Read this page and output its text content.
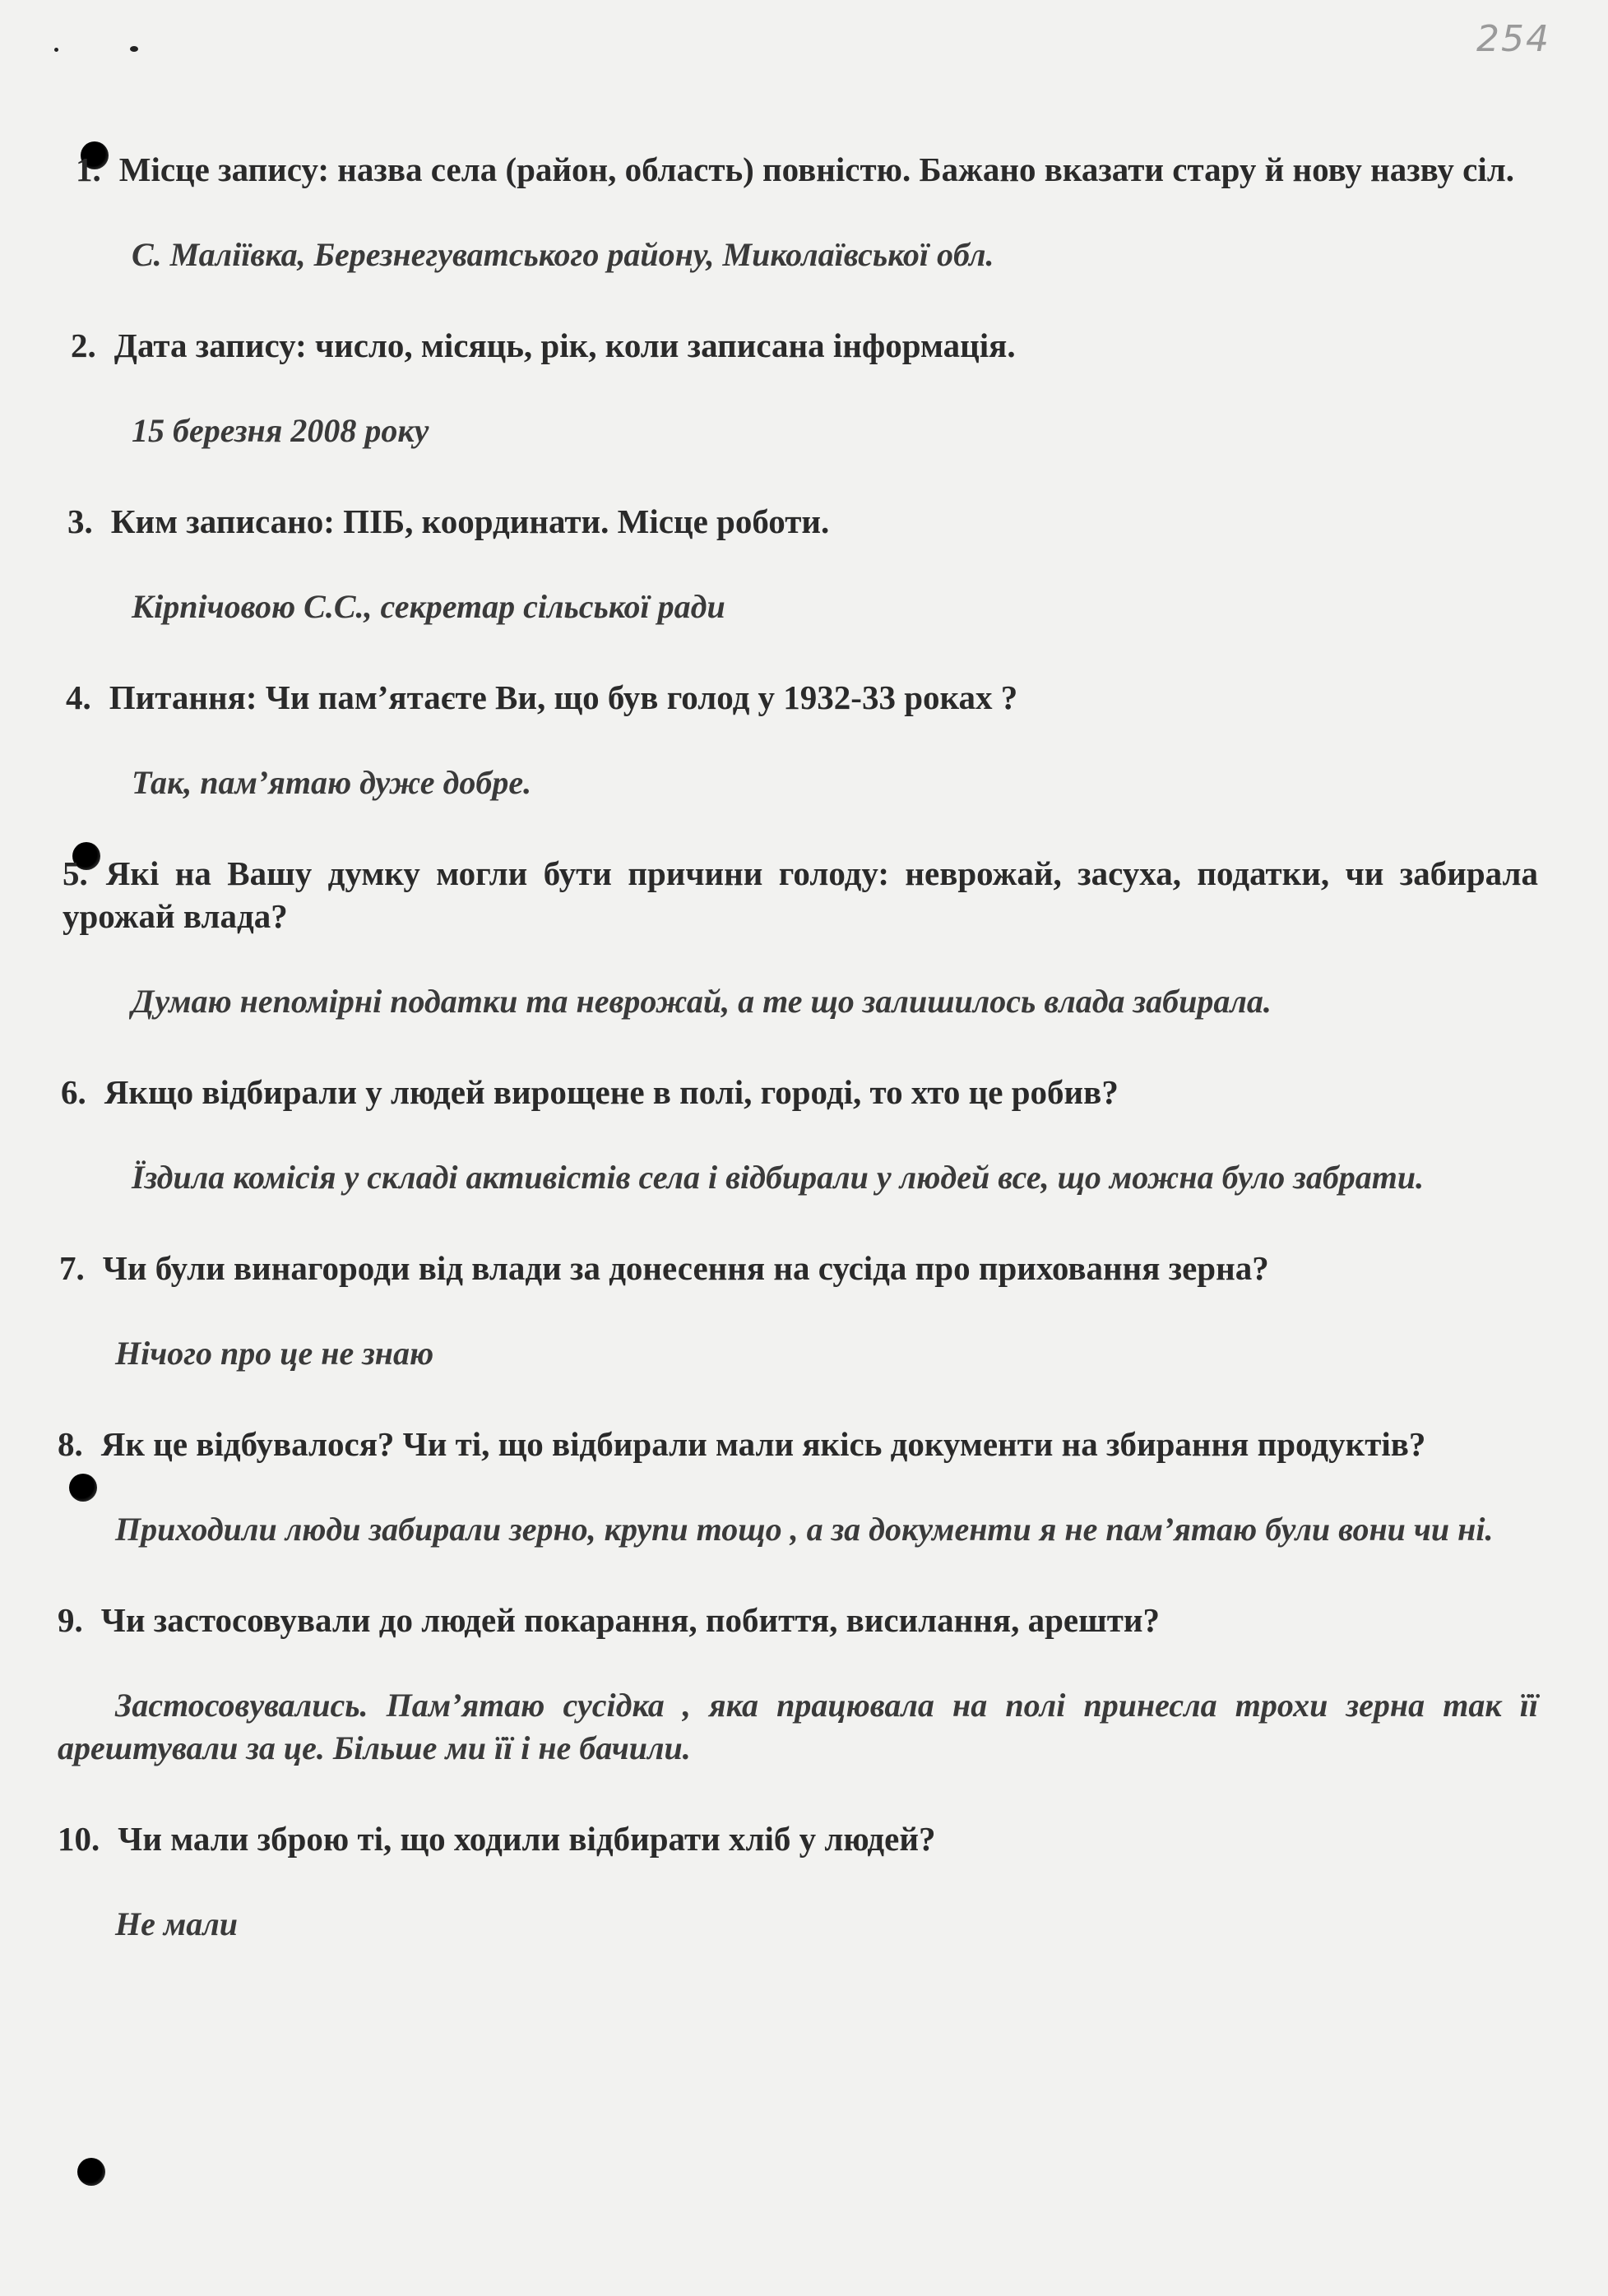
254

1. Місце запису: назва села (район, область) повністю. Бажано вказати стару й нову назву сіл.

С. Маліївка, Березнегуватського району, Миколаївської обл.

2. Дата запису: число, місяць, рік, коли записана інформація.

15 березня 2008 року

3. Ким записано: ПІБ, координати. Місце роботи.

Кірпічовою С.С., секретар сільської ради

4. Питання: Чи пам’ятаєте Ви, що був голод у 1932-33 роках ?

Так, пам’ятаю дуже добре.

5. Які на Вашу думку могли бути причини голоду: неврожай, засуха, податки, чи забирала урожай влада?

Думаю непомірні податки та неврожай, а те що залишилось влада забирала.

6. Якщо відбирали у людей вирощене в полі, городі, то хто це робив?

Їздила комісія у складі активістів села і відбирали у людей все, що можна було забрати.

7. Чи були винагороди від влади за донесення на сусіда про приховання зерна?

Нічого про це не знаю

8. Як це відбувалося? Чи ті, що відбирали мали якісь документи на збирання продуктів?

Приходили люди забирали зерно, крупи тощо , а за документи я не пам’ятаю були вони чи ні.

9. Чи застосовували до людей покарання, побиття, висилання, арешти?

Застосовувались. Пам’ятаю сусідка , яка працювала на полі принесла трохи зерна так її арештували за це. Більше ми її і не бачили.

10. Чи мали зброю ті, що ходили відбирати хліб у людей?

Не мали
